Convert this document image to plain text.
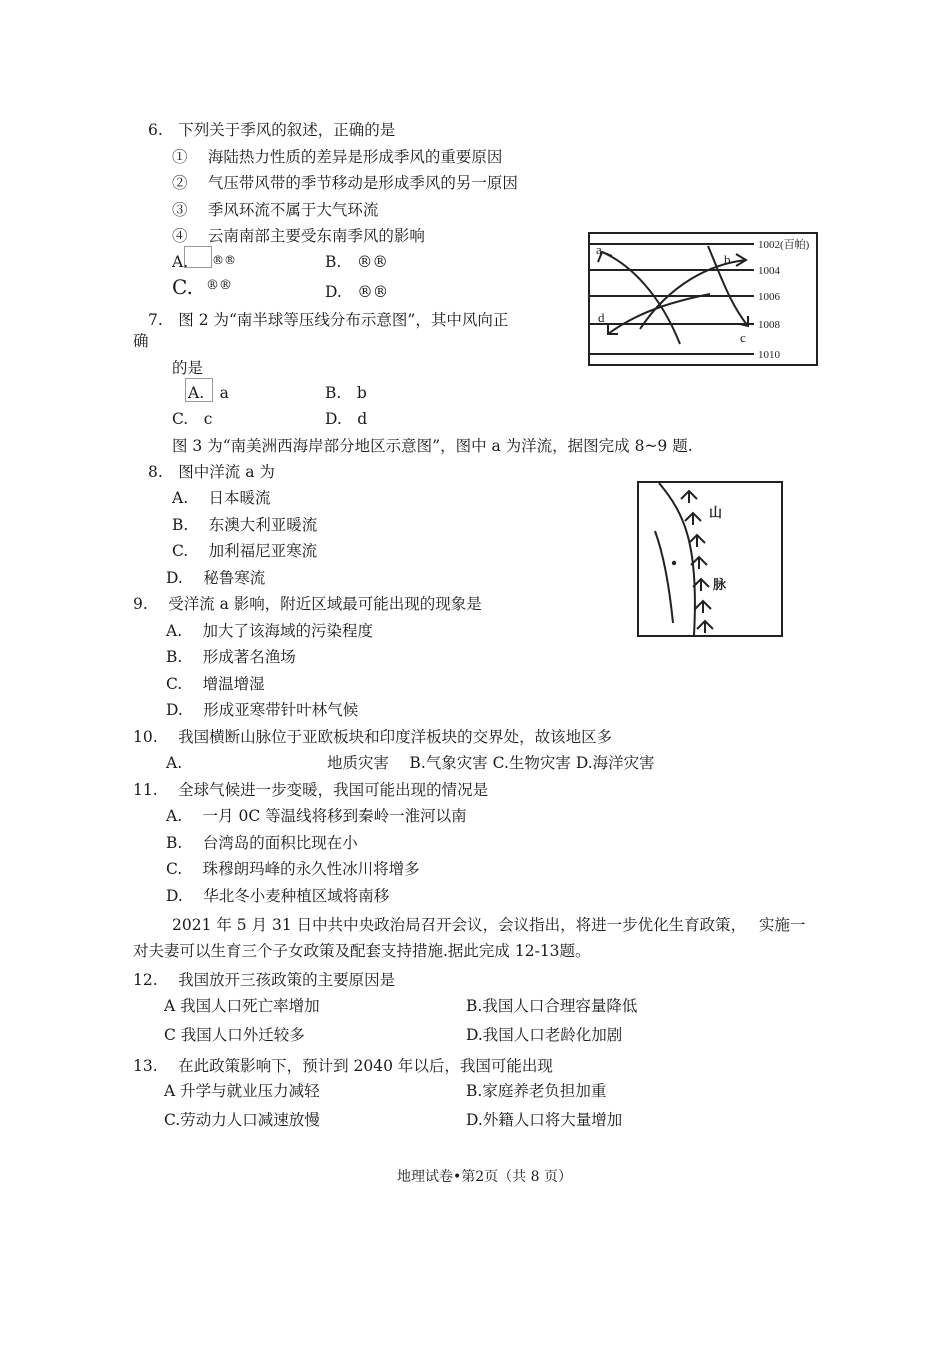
6.　下列关于季风的叙述，正确的是
①　 海陆热力性质的差异是形成季风的重要原因
②　 气压带风带的季节移动是形成季风的另一原因
③　 季风环流不属于大气环流
④　 云南南部主要受东南季风的影响
A. ®®	B.　®®
C. ®®	D.　®®
7.　图 2 为“南半球等压线分布示意图”，其中风向正
确
的是
A.　a	B.　b
C.　c	D.　d
1002(百帕)
1004
1006
1008
1010
a
b
c
d
图 3 为“南美洲西海岸部分地区示意图”，图中 a 为洋流，据图完成 8~9 题.
8.　图中洋流 a 为
A.　 日本暖流
B.　 东澳大利亚暖流
C.　 加利福尼亚寒流
D.　 秘鲁寒流
山
脉
9.　 受洋流 a 影响，附近区域最可能出现的现象是
A.　 加大了该海域的污染程度
B.　 形成著名渔场
C.　 增温增湿
D.　 形成亚寒带针叶林气候
10.　 我国横断山脉位于亚欧板块和印度洋板块的交界处，故该地区多
A.	地质灾害　 B.气象灾害 C.生物灾害 D.海洋灾害
11.　 全球气候进一步变暖，我国可能出现的情况是
A.　 一月 0C 等温线将移到秦岭一淮河以南
B.　 台湾岛的面积比现在小
C.　 珠穆朗玛峰的永久性冰川将增多
D.　 华北冬小麦种植区域将南移
2021 年 5 月 31 日中共中央政治局召开会议，会议指出，将进一步优化生育政策，　 实施一
对夫妻可以生育三个子女政策及配套支持措施.据此完成 12-13题。
12.　 我国放开三孩政策的主要原因是
A 我国人口死亡率增加	B.我国人口合理容量降低
C 我国人口外迁较多	D.我国人口老龄化加剧
13.　 在此政策影响下，预计到 2040 年以后，我国可能出现
A 升学与就业压力减轻	B.家庭养老负担加重
C.劳动力人口减速放慢	D.外籍人口将大量增加
地理试卷•第2页（共 8 页）
